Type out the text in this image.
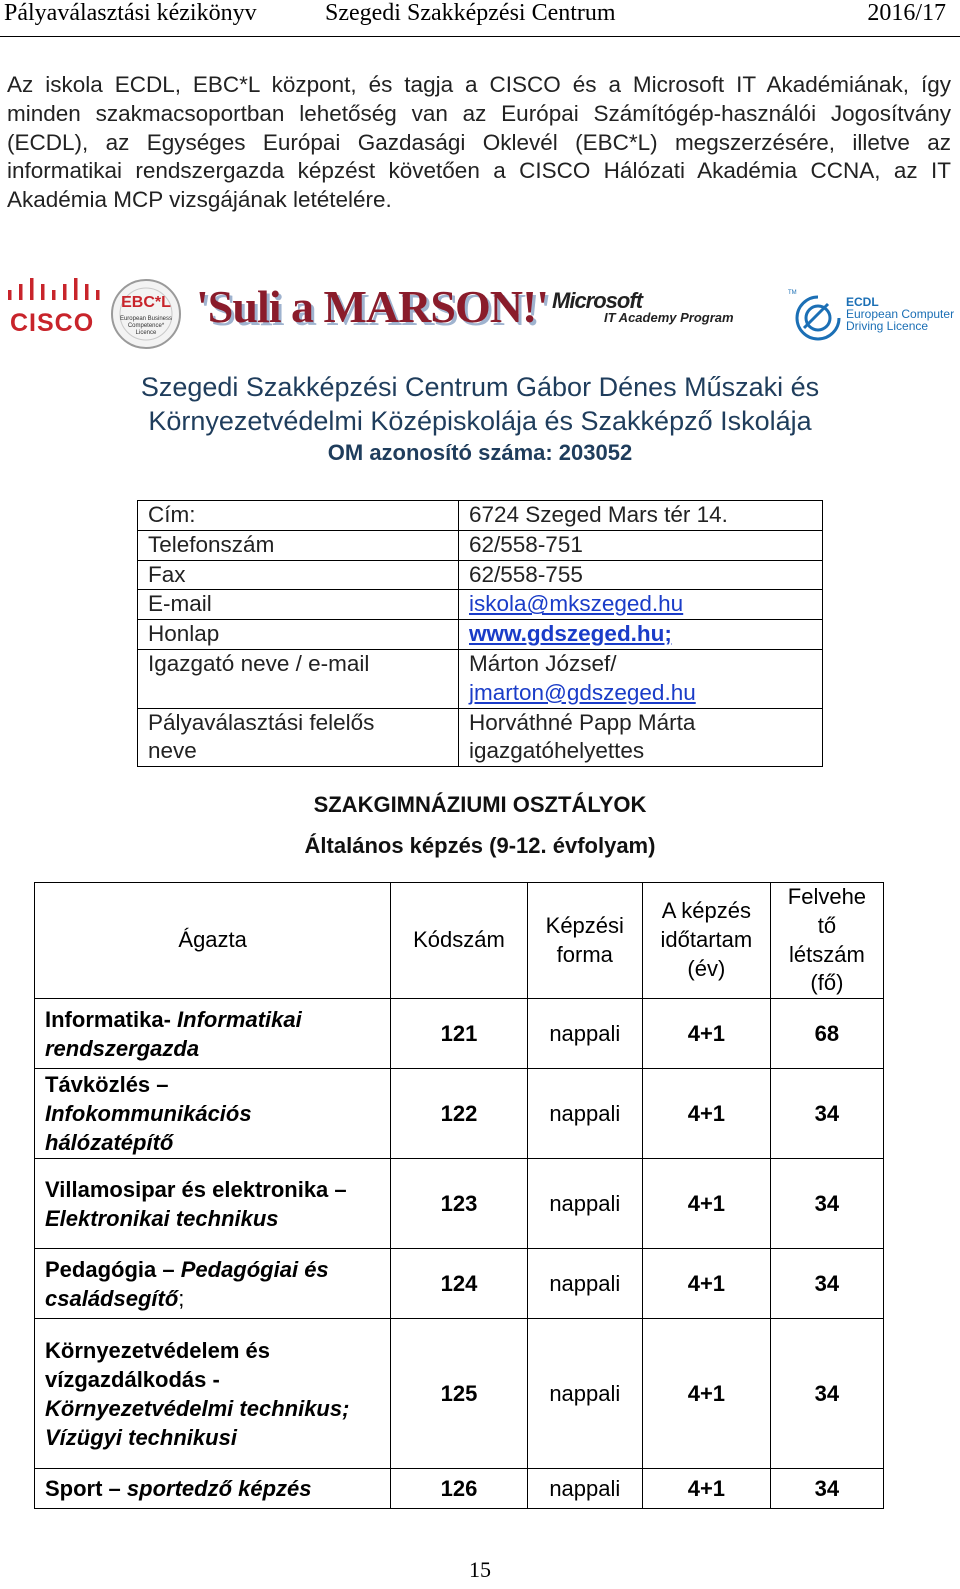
Pályaválasztási kézikönyv	Szegedi Szakképzési Centrum	2016/17
Az iskola ECDL, EBC*L központ, és tagja a CISCO és a Microsoft IT Akadémiának, így minden szakmacsoportban lehetőség van az Európai Számítógép-használói Jogosítvány (ECDL), az Egységes Európai Gazdasági Oklevél (EBC*L) megszerzésére, illetve az informatikai rendszergazda képzést követően a CISCO Hálózati Akadémia CCNA, az IT Akadémia MCP vizsgájának letételére.
CISCO
EBC*L
European Business Competence* Licence
'Suli a MARSON!' Microsoft
IT Academy Program
TM
ECDL
European Computer
Driving Licence
Szegedi Szakképzési Centrum Gábor Dénes Műszaki és
Környezetvédelmi Középiskolája és Szakképző Iskolája
OM azonosító száma: 203052
Cím:	6724 Szeged Mars tér 14.
Telefonszám	62/558-751
Fax	62/558-755
E-mail	iskola@mkszeged.hu
Honlap	www.gdszeged.hu;
Igazgató neve / e-mail	Márton József/
jmarton@gdszeged.hu

Pályaválasztási felelős neve	Horváthné Papp Márta igazgatóhelyettes
SZAKGIMNÁZIUMI OSZTÁLYOK
Általános képzés (9-12. évfolyam)
Ágazta	Kódszám	Képzési forma	A képzés időtartam (év)	Felvehe tő létszám (fő)
Informatika- Informatikai rendszergazda	121	nappali	4+1	68
Távközlés – Infokommunikációs hálózatépítő	122	nappali	4+1	34
Villamosipar és elektronika – Elektronikai technikus	123	nappali	4+1	34
Pedagógia – Pedagógiai és családsegítő;	124	nappali	4+1	34
Környezetvédelem és vízgazdálkodás - Környezetvédelmi technikus; Vízügyi technikusi	125	nappali	4+1	34
Sport – sportedző képzés	126	nappali	4+1	34
15
